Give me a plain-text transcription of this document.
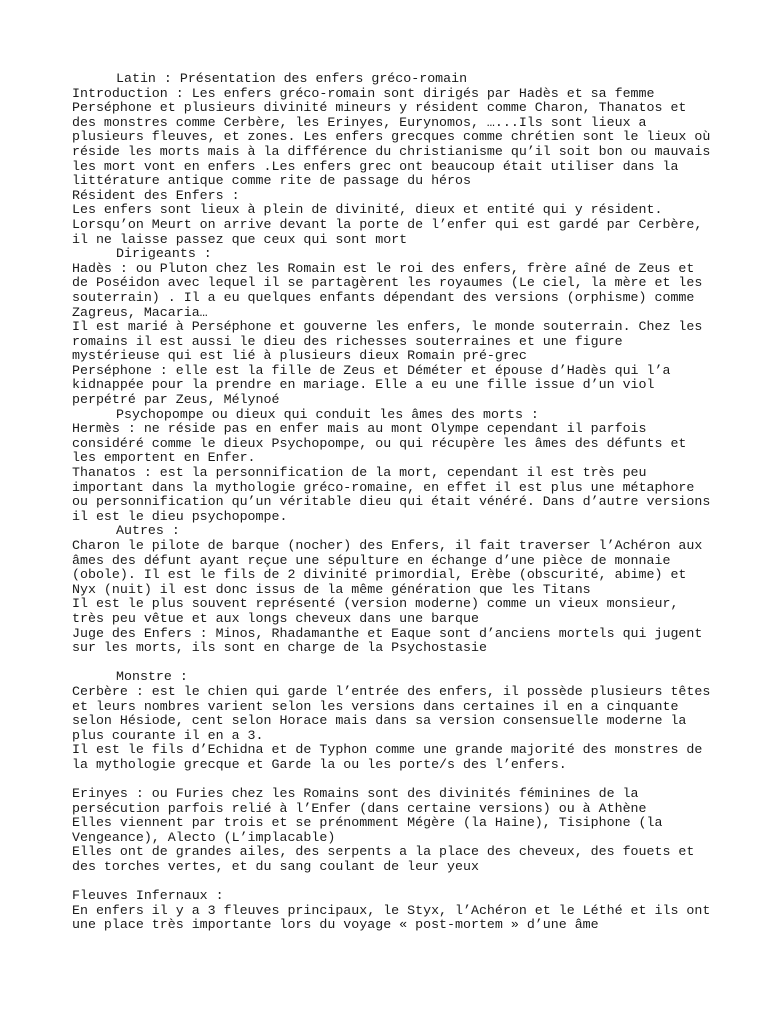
Latin : Présentation des enfers gréco-romain

Introduction : Les enfers gréco-romain sont dirigés par Hadès et sa femme Perséphone et plusieurs divinité mineurs y résident comme Charon, Thanatos et des monstres comme Cerbère, les Erinyes, Eurynomos, …...Ils sont lieux a plusieurs fleuves, et zones. Les enfers grecques comme chrétien sont le lieux où réside les morts mais à la différence du christianisme qu’il soit bon ou mauvais les mort vont en enfers .Les enfers grec ont beaucoup était utiliser dans la littérature antique comme rite de passage du héros

Résident des Enfers :

Les enfers sont lieux à plein de divinité, dieux et entité qui y résident. Lorsqu’on Meurt on arrive devant la porte de l’enfer qui est gardé par Cerbère, il ne laisse passez que ceux qui sont mort

Dirigeants :

Hadès : ou Pluton chez les Romain est le roi des enfers, frère aîné de Zeus et de Poséidon avec lequel il se partagèrent les royaumes (Le ciel, la mère et les souterrain) . Il a eu quelques enfants dépendant des versions (orphisme) comme Zagreus, Macaria…

Il est marié à Perséphone et gouverne les enfers, le monde souterrain. Chez les romains il est aussi le dieu des richesses souterraines et une figure mystérieuse qui est lié à plusieurs dieux Romain pré-grec

Perséphone : elle est la fille de Zeus et Déméter et épouse d’Hadès qui l’a kidnappée pour la prendre en mariage. Elle a eu une fille issue d’un viol perpétré par Zeus, Mélynoé

Psychopompe ou dieux qui conduit les âmes des morts :

Hermès : ne réside pas en enfer mais au mont Olympe cependant il parfois considéré comme le dieux Psychopompe, ou qui récupère les âmes des défunts et les emportent en Enfer.

Thanatos : est la personnification de la mort, cependant il est très peu important dans la mythologie gréco-romaine, en effet il est plus une métaphore ou personnification qu’un véritable dieu qui était vénéré. Dans d’autre versions il est le dieu psychopompe.

Autres :

Charon le pilote de barque (nocher) des Enfers, il fait traverser l’Achéron aux âmes des défunt ayant reçue une sépulture en échange d’une pièce de monnaie (obole). Il est le fils de 2 divinité primordial, Erèbe (obscurité, abime) et Nyx (nuit) il est donc issus de la même génération que les Titans

Il est le plus souvent représenté (version moderne) comme un vieux monsieur, très peu vêtue et aux longs cheveux dans une barque

Juge des Enfers : Minos, Rhadamanthe et Eaque sont d’anciens mortels qui jugent sur les morts, ils sont en charge de la Psychostasie

Monstre :

Cerbère : est le chien qui garde l’entrée des enfers, il possède plusieurs têtes et leurs nombres varient selon les versions dans certaines il en a cinquante selon Hésiode, cent selon Horace mais dans sa version consensuelle moderne la plus courante il en a 3.

Il est le fils d’Echidna et de Typhon comme une grande majorité des monstres de la mythologie grecque et Garde la ou les porte/s des l’enfers.

Erinyes : ou Furies chez les Romains sont des divinités féminines de la persécution parfois relié à l’Enfer (dans certaine versions) ou à Athène

Elles viennent par trois et se prénomment Mégère (la Haine), Tisiphone (la Vengeance), Alecto (L’implacable)

Elles ont de grandes ailes, des serpents a la place des cheveux, des fouets et des torches vertes, et du sang coulant de leur yeux

Fleuves Infernaux :

En enfers il y a 3 fleuves principaux, le Styx, l’Achéron et le Léthé et ils ont une place très importante lors du voyage « post-mortem » d’une âme
